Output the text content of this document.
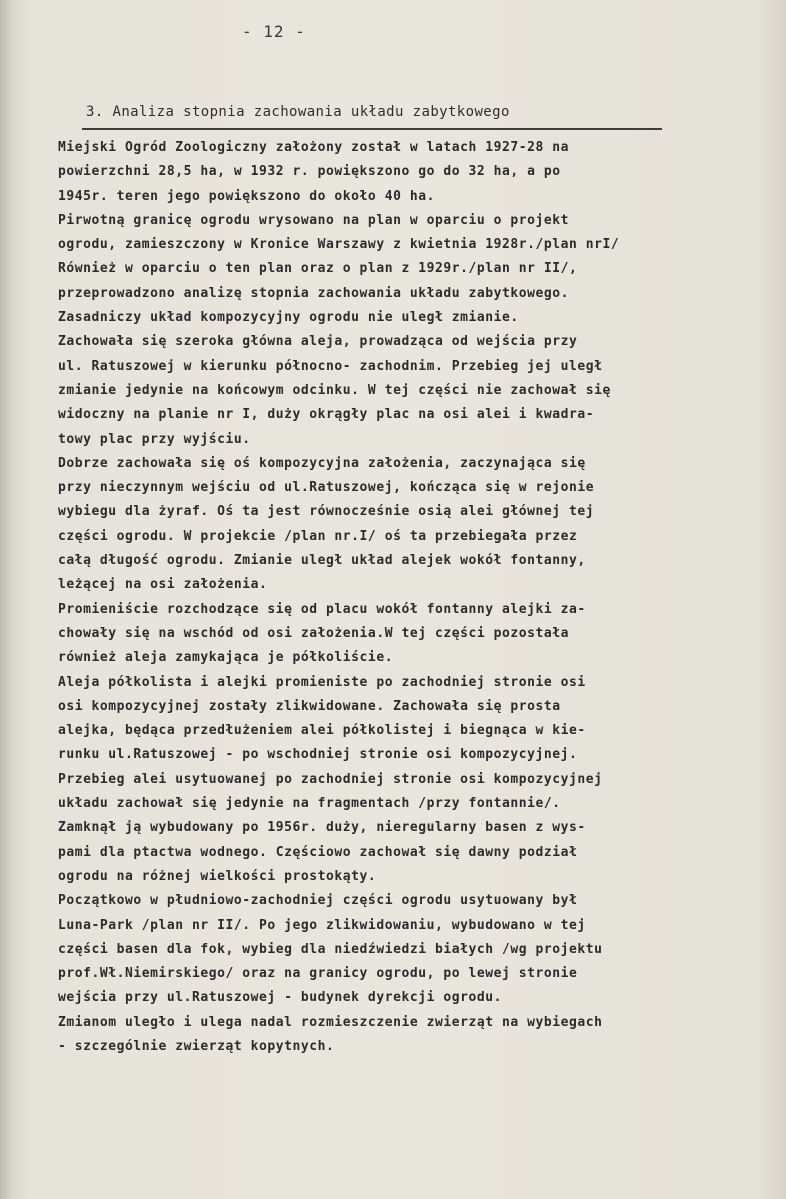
- 12 -
3. Analiza stopnia zachowania układu zabytkowego
Miejski Ogród Zoologiczny założony został w latach 1927-28 na
powierzchni 28,5 ha, w 1932 r. powiększono go do 32 ha, a po
1945r. teren jego powiększono do około 40 ha.
Pirwotną granicę ogrodu wrysowano na plan w oparciu o projekt
ogrodu, zamieszczony w Kronice Warszawy z kwietnia 1928r./plan nrI/
Również w oparciu o ten plan oraz o plan z 1929r./plan nr II/,
przeprowadzono analizę stopnia zachowania układu zabytkowego.
Zasadniczy układ kompozycyjny ogrodu nie uległ zmianie.
Zachowała się szeroka główna aleja, prowadząca od wejścia przy
ul. Ratuszowej w kierunku północno- zachodnim. Przebieg jej uległ
zmianie jedynie na końcowym odcinku. W tej części nie zachował się
widoczny na planie nr I, duży okrągły plac na osi alei i kwadra-
towy plac przy wyjściu.
Dobrze zachowała się oś kompozycyjna założenia, zaczynająca się
przy nieczynnym wejściu od ul.Ratuszowej, kończąca się w rejonie
wybiegu dla żyraf. Oś ta jest równocześnie osią alei głównej tej
części ogrodu. W projekcie /plan nr.I/ oś ta przebiegała przez
całą długość ogrodu. Zmianie uległ układ alejek wokół fontanny,
leżącej na osi założenia.
Promieniście rozchodzące się od placu wokół fontanny alejki za-
chowały się na wschód od osi założenia.W tej części pozostała
również aleja zamykająca je półkoliście.
Aleja półkolista i alejki promieniste po zachodniej stronie osi
osi kompozycyjnej zostały zlikwidowane. Zachowała się prosta
alejka, będąca przedłużeniem alei półkolistej i biegnąca w kie-
runku ul.Ratuszowej - po wschodniej stronie osi kompozycyjnej.
Przebieg alei usytuowanej po zachodniej stronie osi kompozycyjnej
układu zachował się jedynie na fragmentach /przy fontannie/.
Zamknął ją wybudowany po 1956r. duży, nieregularny basen z wys-
pami dla ptactwa wodnego. Częściowo zachował się dawny podział
ogrodu na różnej wielkości prostokąty.
Początkowo w płudniowo-zachodniej części ogrodu usytuowany był
Luna-Park /plan nr II/. Po jego zlikwidowaniu, wybudowano w tej
części basen dla fok, wybieg dla niedźwiedzi białych /wg projektu
prof.Wł.Niemirskiego/ oraz na granicy ogrodu, po lewej stronie
wejścia przy ul.Ratuszowej - budynek dyrekcji ogrodu.
Zmianom uległo i ulega nadal rozmieszczenie zwierząt na wybiegach
- szczególnie zwierząt kopytnych.
